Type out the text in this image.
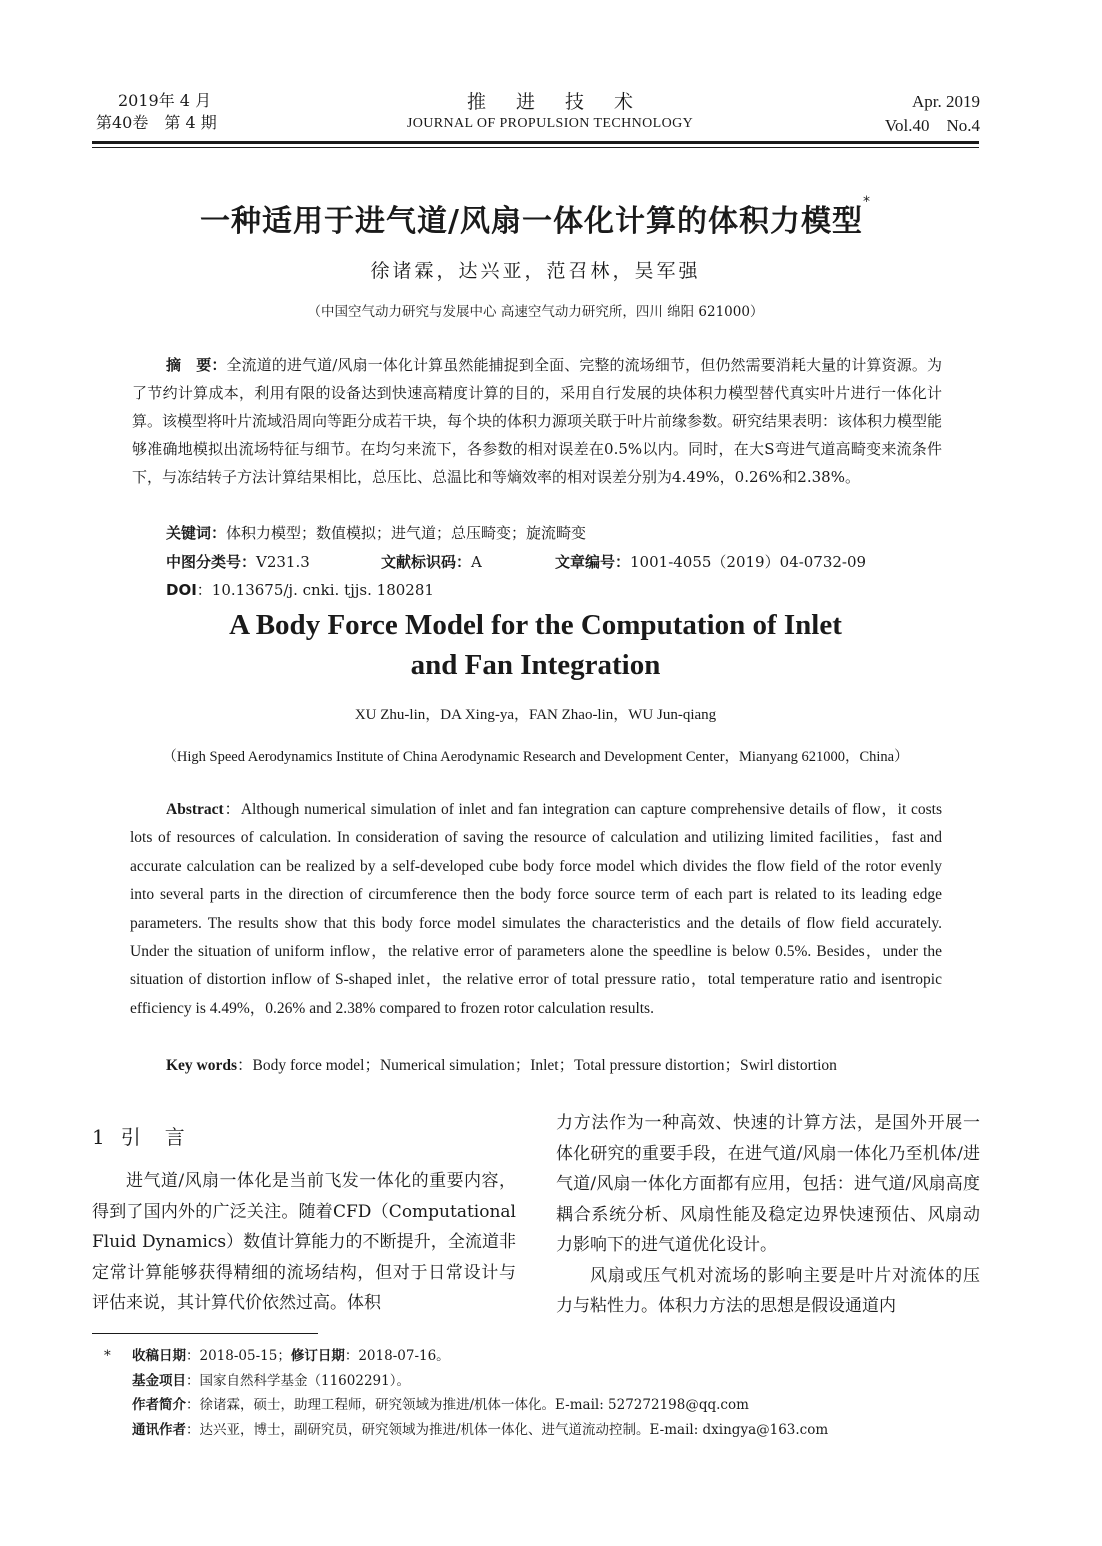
2019年 4 月
第40卷　第 4 期
推 进 技 术
JOURNAL OF PROPULSION TECHNOLOGY
Apr. 2019
Vol.40　No.4
一种适用于进气道/风扇一体化计算的体积力模型*
徐诸霖，达兴亚，范召林，吴军强
（中国空气动力研究与发展中心 高速空气动力研究所，四川 绵阳 621000）
摘　要：全流道的进气道/风扇一体化计算虽然能捕捉到全面、完整的流场细节，但仍然需要消耗大量的计算资源。为了节约计算成本，利用有限的设备达到快速高精度计算的目的，采用自行发展的块体积力模型替代真实叶片进行一体化计算。该模型将叶片流域沿周向等距分成若干块，每个块的体积力源项关联于叶片前缘参数。研究结果表明：该体积力模型能够准确地模拟出流场特征与细节。在均匀来流下，各参数的相对误差在0.5%以内。同时，在大S弯进气道高畸变来流条件下，与冻结转子方法计算结果相比，总压比、总温比和等熵效率的相对误差分别为4.49%，0.26%和2.38%。
关键词：体积力模型；数值模拟；进气道；总压畸变；旋流畸变
中图分类号：V231.3	文献标识码：A	文章编号：1001-4055（2019）04-0732-09
DOI：10.13675/j. cnki. tjjs. 180281
A Body Force Model for the Computation of Inlet
and Fan Integration
XU Zhu-lin，DA Xing-ya，FAN Zhao-lin，WU Jun-qiang
（High Speed Aerodynamics Institute of China Aerodynamic Research and Development Center，Mianyang 621000，China）
Abstract：Although numerical simulation of inlet and fan integration can capture comprehensive details of flow，it costs lots of resources of calculation. In consideration of saving the resource of calculation and utilizing limited facilities，fast and accurate calculation can be realized by a self-developed cube body force model which divides the flow field of the rotor evenly into several parts in the direction of circumference then the body force source term of each part is related to its leading edge parameters. The results show that this body force model simulates the characteristics and the details of flow field accurately. Under the situation of uniform inflow，the relative error of parameters alone the speedline is below 0.5%. Besides，under the situation of distortion inflow of S-shaped inlet，the relative error of total pressure ratio，total temperature ratio and isentropic efficiency is 4.49%，0.26% and 2.38% compared to frozen rotor calculation results.
Key words：Body force model；Numerical simulation；Inlet；Total pressure distortion；Swirl distortion
1 引　言
进气道/风扇一体化是当前飞发一体化的重要内容，得到了国内外的广泛关注。随着CFD（Computational Fluid Dynamics）数值计算能力的不断提升，全流道非定常计算能够获得精细的流场结构，但对于日常设计与评估来说，其计算代价依然过高。体积
力方法作为一种高效、快速的计算方法，是国外开展一体化研究的重要手段，在进气道/风扇一体化乃至机体/进气道/风扇一体化方面都有应用，包括：进气道/风扇高度耦合系统分析、风扇性能及稳定边界快速预估、风扇动力影响下的进气道优化设计。
风扇或压气机对流场的影响主要是叶片对流体的压力与粘性力。体积力方法的思想是假设通道内
* 收稿日期：2018-05-15；修订日期：2018-07-16。
基金项目：国家自然科学基金（11602291）。
作者简介：徐诸霖，硕士，助理工程师，研究领域为推进/机体一体化。E-mail: 527272198@qq.com
通讯作者：达兴亚，博士，副研究员，研究领域为推进/机体一体化、进气道流动控制。E-mail: dxingya@163.com
